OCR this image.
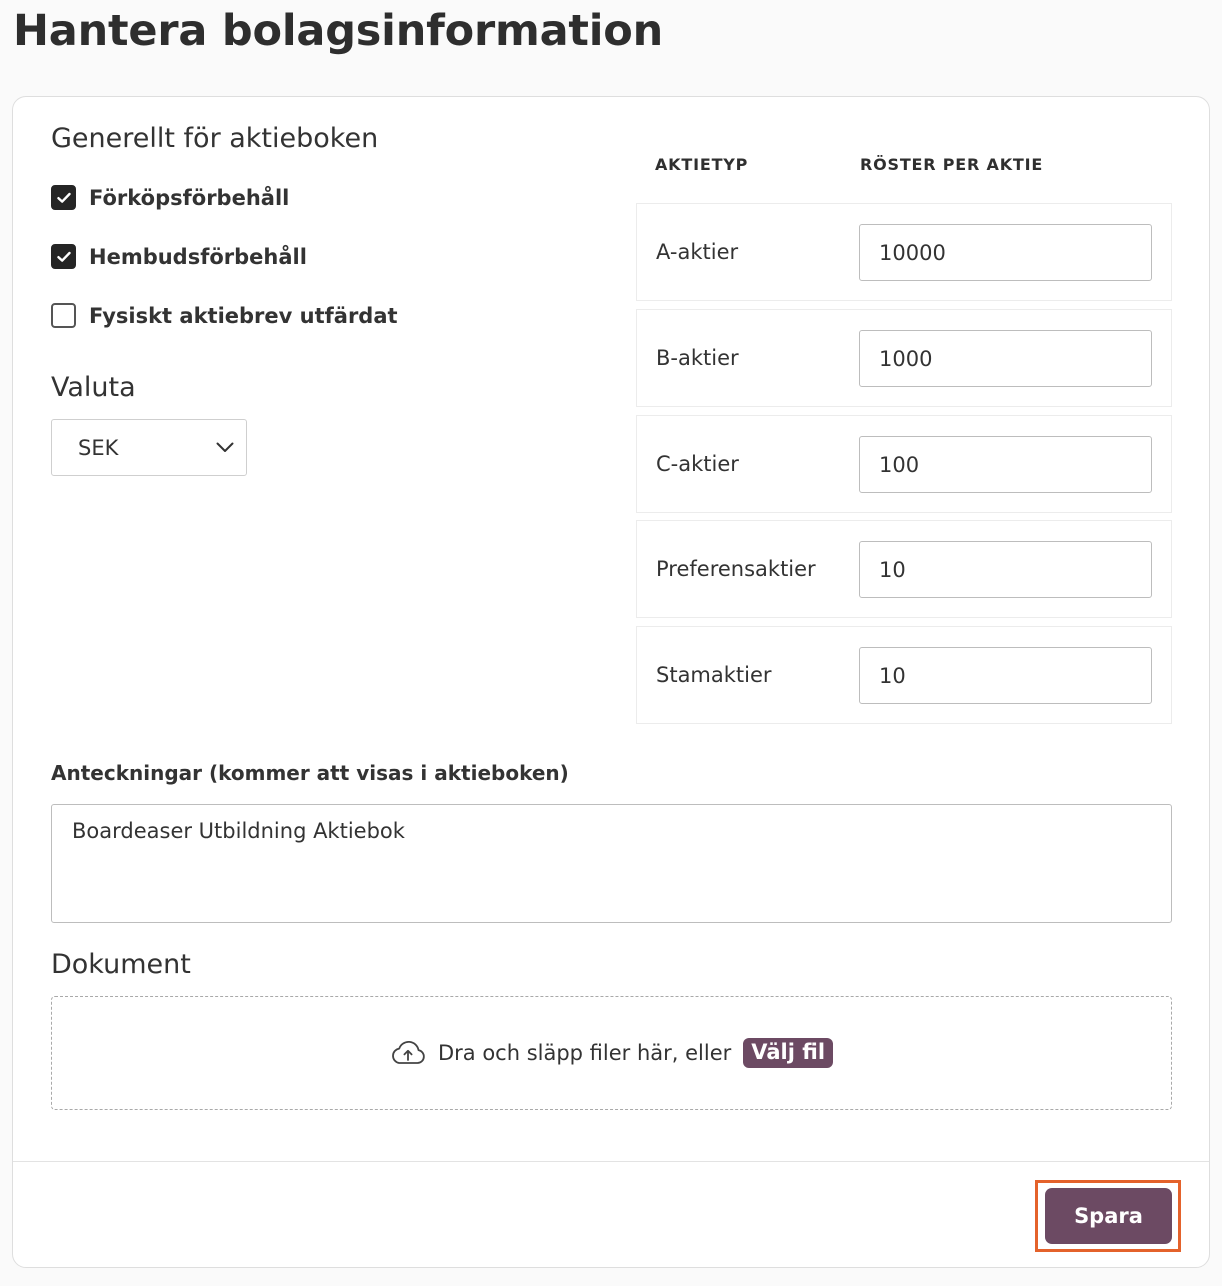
Hantera bolagsinformation
Generellt för aktieboken
Förköpsförbehåll
Hembudsförbehåll
Fysiskt aktiebrev utfärdat
Valuta
SEK
AKTIETYP	RÖSTER PER AKTIE
A-aktier	10000
B-aktier	1000
C-aktier	100
Preferensaktier	10
Stamaktier	10
Anteckningar (kommer att visas i aktieboken)
Boardeaser Utbildning Aktiebok
Dokument
Dra och släpp filer här, eller Välj fil
Spara
